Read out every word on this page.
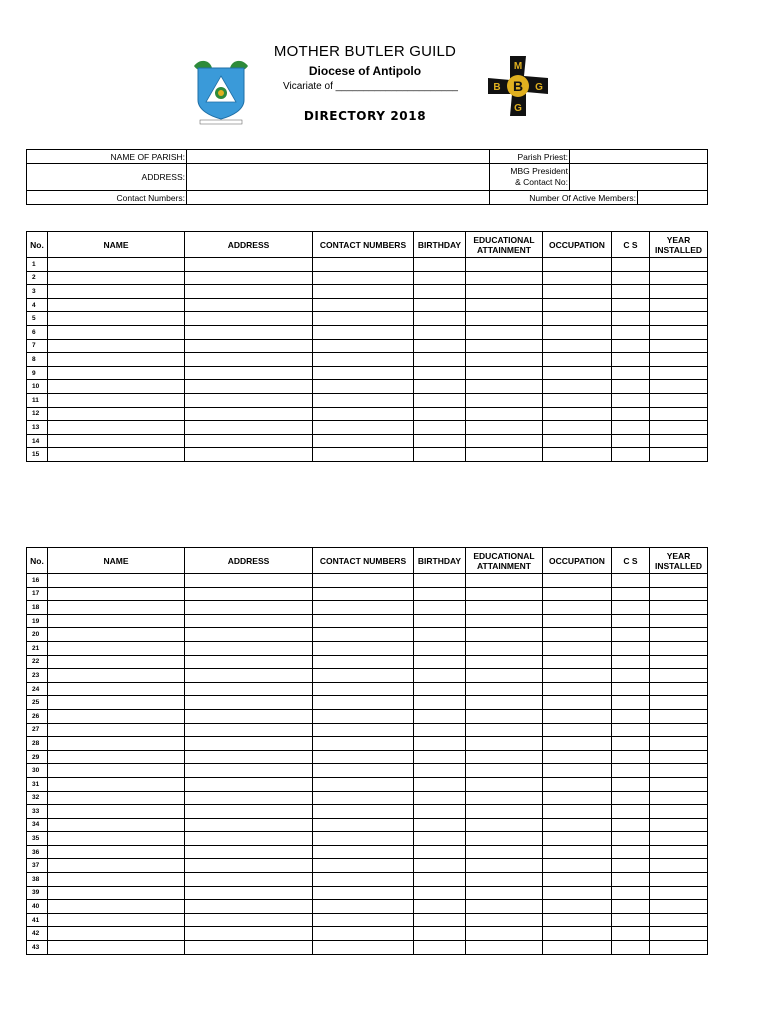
MOTHER BUTLER GUILD
Diocese of Antipolo
Vicariate of ______________________
DIRECTORY 2018
M
B G
B
G
NAME OF PARISH:		Parish Priest:		
ADDRESS:		MBG President
& Contact No:		
Contact Numbers:		Number Of Active Members:		
No.	NAME	ADDRESS	CONTACT NUMBERS	BIRTHDAY	EDUCATIONAL ATTAINMENT	OCCUPATION	C S	YEAR INSTALLED
1								
2								
3								
4								
5								
6								
7								
8								
9								
10								
11								
12								
13								
14								
15								
No.	NAME	ADDRESS	CONTACT NUMBERS	BIRTHDAY	EDUCATIONAL ATTAINMENT	OCCUPATION	C S	YEAR INSTALLED
16								
17								
18								
19								
20								
21								
22								
23								
24								
25								
26								
27								
28								
29								
30								
31								
32								
33								
34								
35								
36								
37								
38								
39								
40								
41								
42								
43								
